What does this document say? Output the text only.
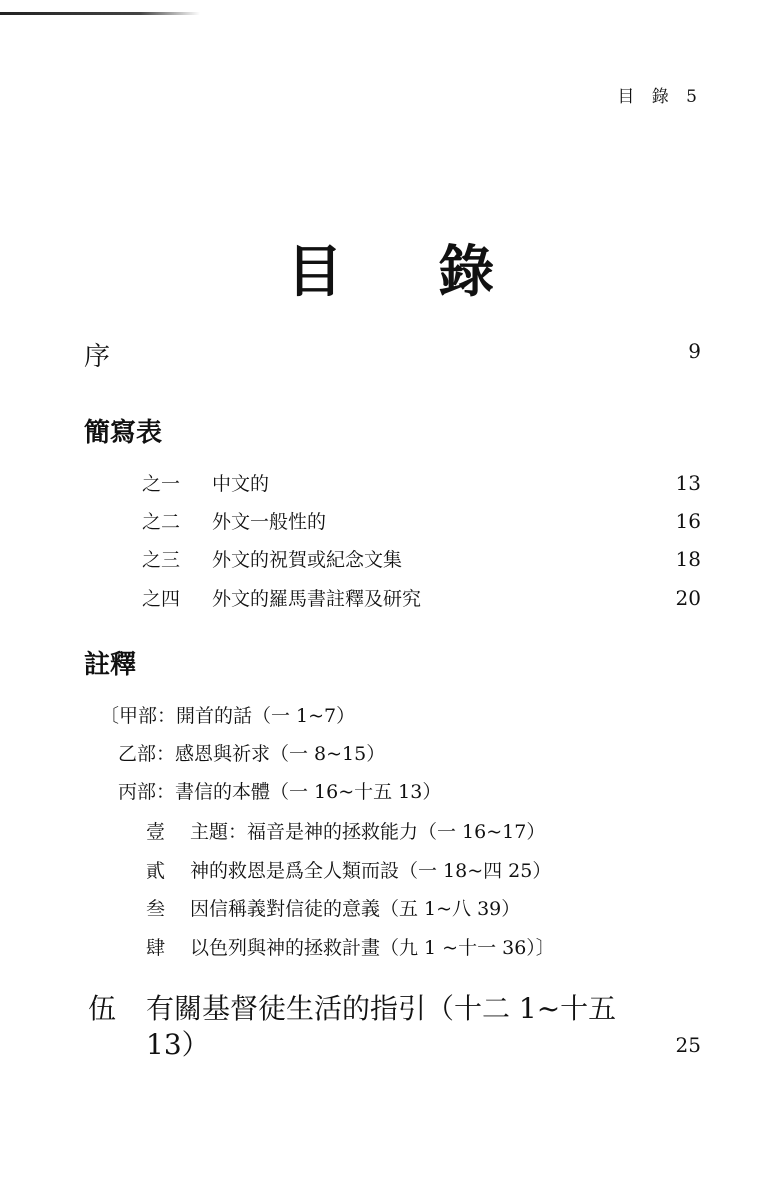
目 錄 5
目 錄
序	9
簡寫表
之一 中文的	13
之二 外文一般性的	16
之三 外文的祝賀或紀念文集	18
之四 外文的羅馬書註釋及研究	20
註釋
〔甲部：開首的話（一 1~7）
乙部：感恩與祈求（一 8~15）
丙部：書信的本體（一 16~十五 13）
壹 主題：福音是神的拯救能力（一 16~17）
貳 神的救恩是爲全人類而設（一 18~四 25）
叁 因信稱義對信徒的意義（五 1~八 39）
肆 以色列與神的拯救計畫（九 1 ~十一 36）〕
伍 有關基督徒生活的指引（十二 1~十五
13）	25
